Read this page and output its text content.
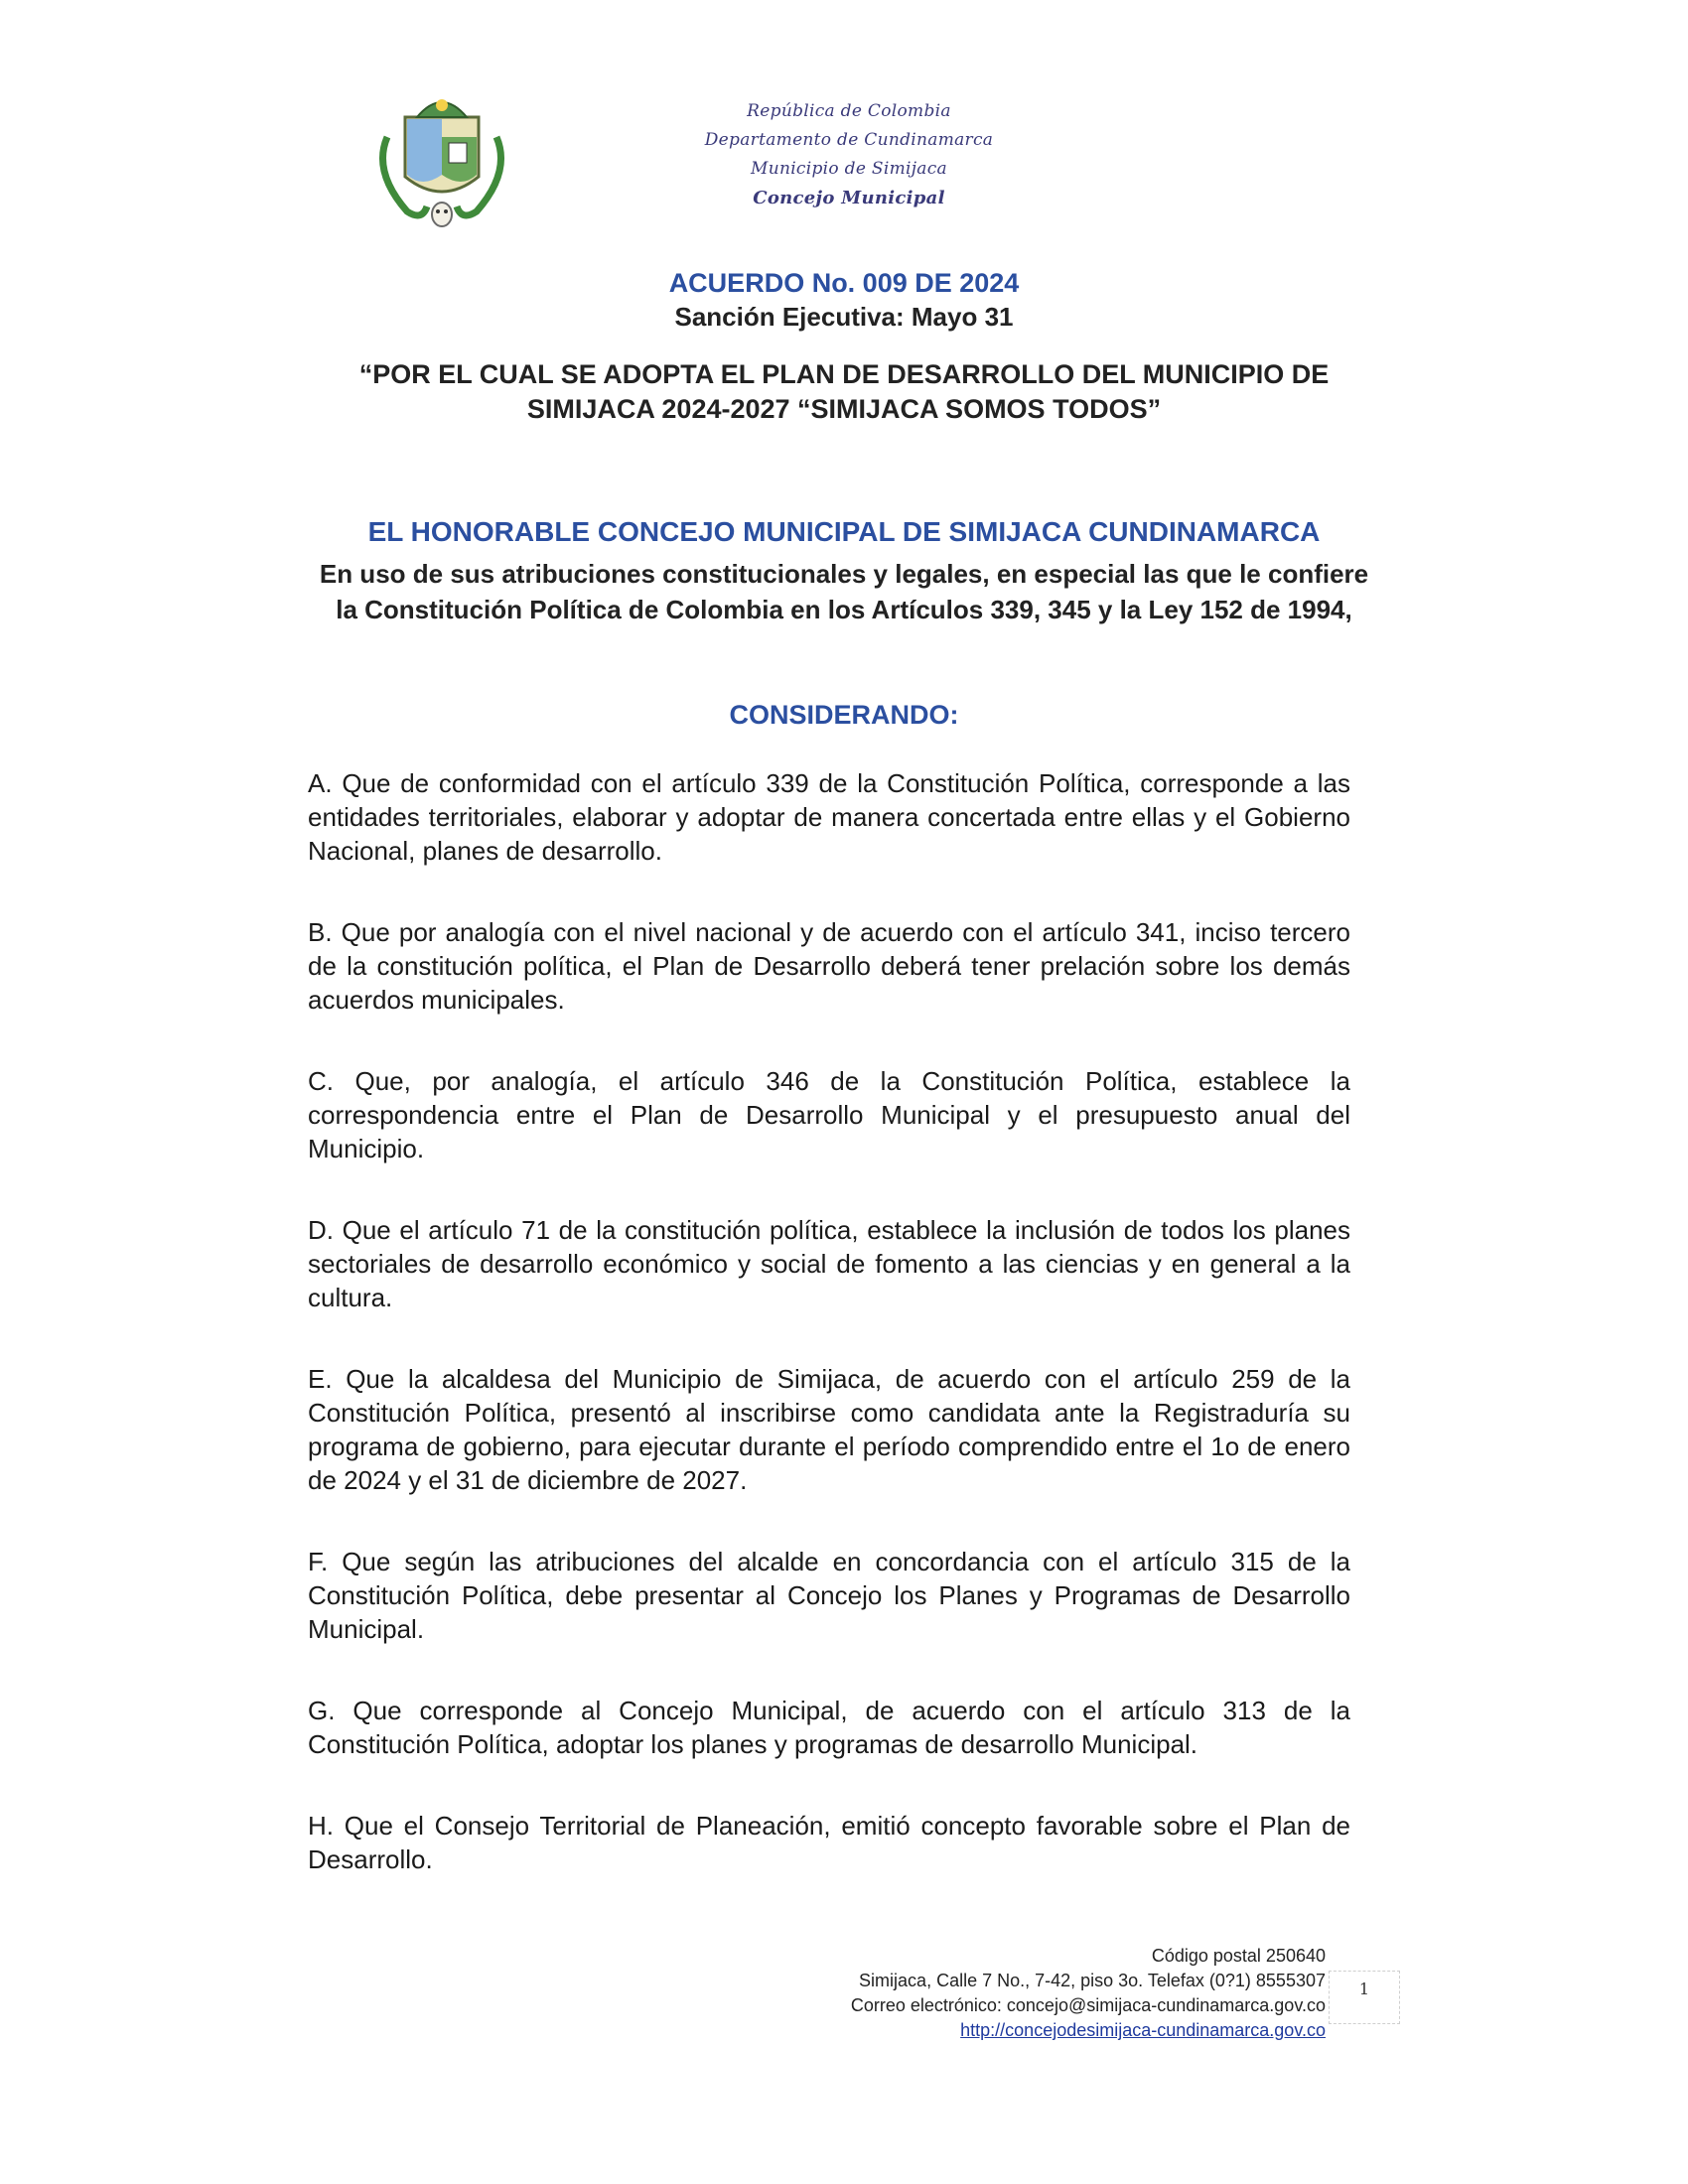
República de Colombia
Departamento de Cundinamarca
Municipio de Simijaca
Concejo Municipal
ACUERDO No. 009 DE 2024
Sanción Ejecutiva: Mayo 31
“POR EL CUAL SE ADOPTA EL PLAN DE DESARROLLO DEL MUNICIPIO DE SIMIJACA 2024-2027 “SIMIJACA SOMOS TODOS”
EL HONORABLE CONCEJO MUNICIPAL DE SIMIJACA CUNDINAMARCA
En uso de sus atribuciones constitucionales y legales, en especial las que le confiere la Constitución Política de Colombia en los Artículos 339, 345 y la Ley 152 de 1994,
CONSIDERANDO:
A. Que de conformidad con el artículo 339 de la Constitución Política, corresponde a las entidades territoriales, elaborar y adoptar de manera concertada entre ellas y el Gobierno Nacional, planes de desarrollo.
B. Que por analogía con el nivel nacional y de acuerdo con el artículo 341, inciso tercero de la constitución política, el Plan de Desarrollo deberá tener prelación sobre los demás acuerdos municipales.
C. Que, por analogía, el artículo 346 de la Constitución Política, establece la correspondencia entre el Plan de Desarrollo Municipal y el presupuesto anual del Municipio.
D. Que el artículo 71 de la constitución política, establece la inclusión de todos los planes sectoriales de desarrollo económico y social de fomento a las ciencias y en general a la cultura.
E. Que la alcaldesa del Municipio de Simijaca, de acuerdo con el artículo 259 de la Constitución Política, presentó al inscribirse como candidata ante la Registraduría su programa de gobierno, para ejecutar durante el período comprendido entre el 1o de enero de 2024 y el 31 de diciembre de 2027.
F. Que según las atribuciones del alcalde en concordancia con el artículo 315 de la Constitución Política, debe presentar al Concejo los Planes y Programas de Desarrollo Municipal.
G. Que corresponde al Concejo Municipal, de acuerdo con el artículo 313 de la Constitución Política, adoptar los planes y programas de desarrollo Municipal.
H. Que el Consejo Territorial de Planeación, emitió concepto favorable sobre el Plan de Desarrollo.
Código postal 250640
Simijaca, Calle 7 No., 7-42, piso 3o. Telefax (0?1) 8555307
Correo electrónico: concejo@simijaca-cundinamarca.gov.co
http://concejodesimijaca-cundinamarca.gov.co
1
